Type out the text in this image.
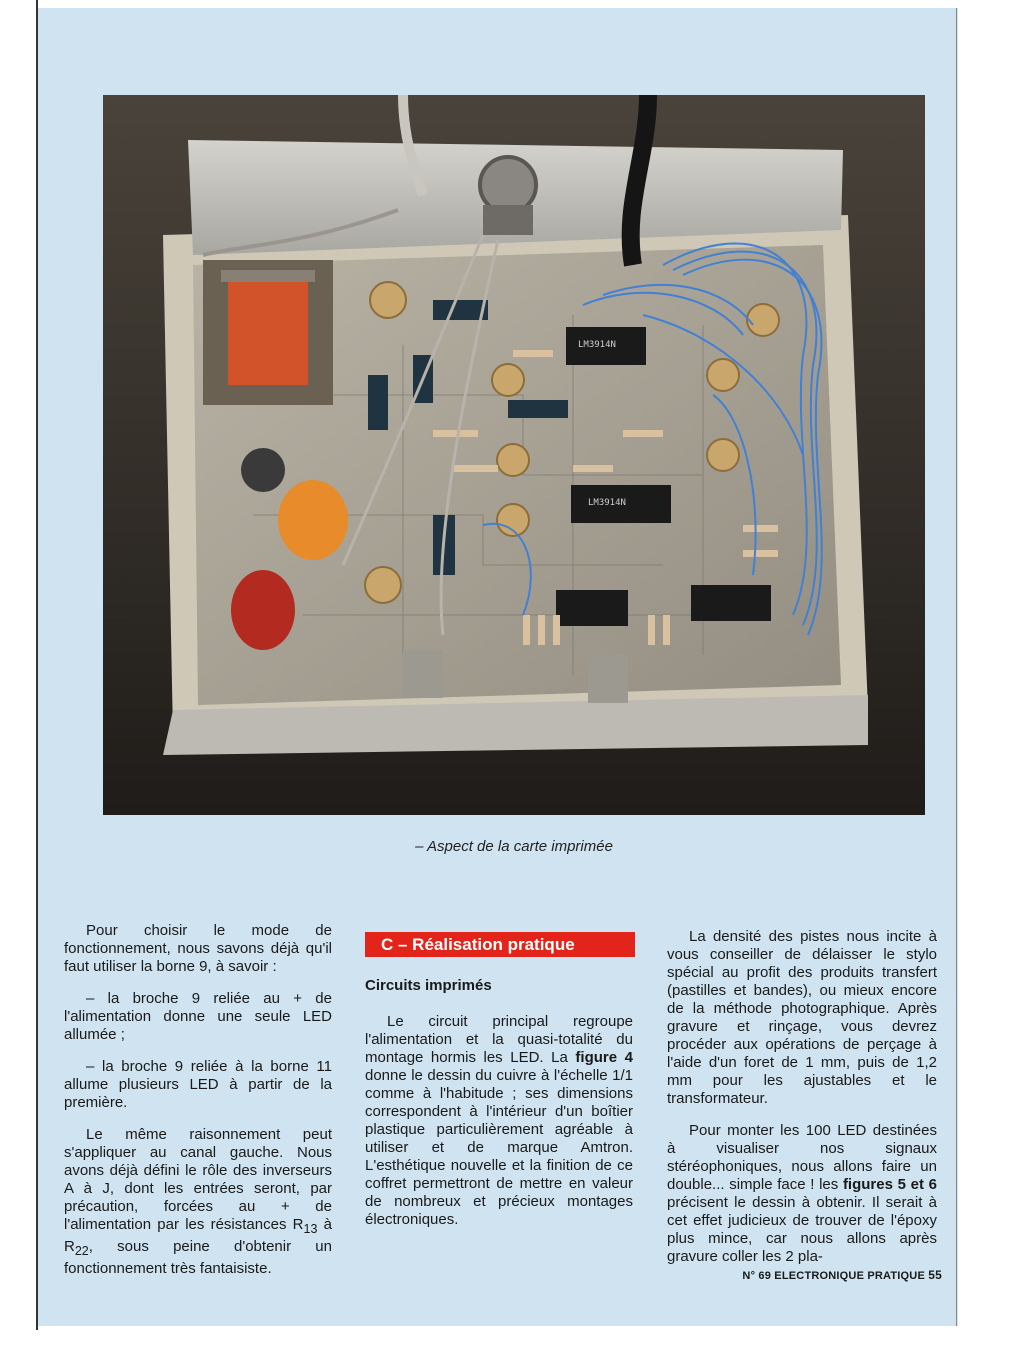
LM3914N
LM3914N
– Aspect de la carte imprimée

Pour choisir le mode de fonctionnement, nous savons déjà qu'il faut utiliser la borne 9, à savoir :

– la broche 9 reliée au + de l'alimentation donne une seule LED allumée ;

– la broche 9 reliée à la borne 11 allume plusieurs LED à partir de la première.

Le même raisonnement peut s'appliquer au canal gauche. Nous avons déjà défini le rôle des inverseurs A à J, dont les entrées seront, par précaution, forcées au + de l'alimentation par les résistances $R_{13}$ à $R_{22}$, sous peine d'obtenir un fonctionnement très fantaisiste.

C – Réalisation pratique
Circuits imprimés

Le circuit principal regroupe l'alimentation et la quasi-totalité du montage hormis les LED. La figure 4 donne le dessin du cuivre à l'échelle 1/1 comme à l'habitude ; ses dimensions correspondent à l'intérieur d'un boîtier plastique particulièrement agréable à utiliser et de marque Amtron. L'esthétique nouvelle et la finition de ce coffret permettront de mettre en valeur de nombreux et précieux montages électroniques.

La densité des pistes nous incite à vous conseiller de délaisser le stylo spécial au profit des produits transfert (pastilles et bandes), ou mieux encore de la méthode photographique. Après gravure et rinçage, vous devrez procéder aux opérations de perçage à l'aide d'un foret de 1 mm, puis de 1,2 mm pour les ajustables et le transformateur.

Pour monter les 100 LED destinées à visualiser nos signaux stéréophoniques, nous allons faire un double... simple face ! les figures 5 et 6 précisent le dessin à obtenir. Il serait à cet effet judicieux de trouver de l'époxy plus mince, car nous allons après gravure coller les 2 pla-

N° 69 ELECTRONIQUE PRATIQUE 55
